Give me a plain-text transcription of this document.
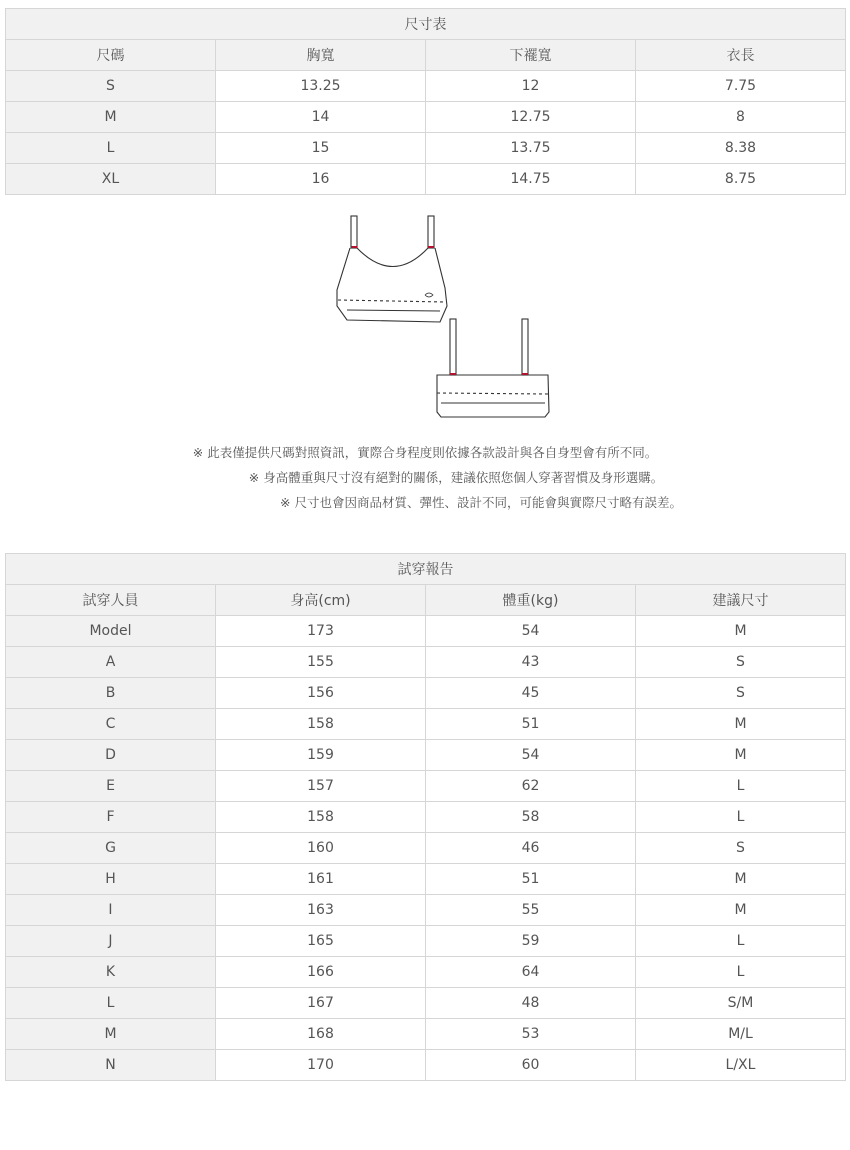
尺寸表			
尺碼	胸寬	下襬寬	衣長
S	13.25	12	7.75
M	14	12.75	8
L	15	13.75	8.38
XL	16	14.75	8.75
※ 此表僅提供尺碼對照資訊，實際合身程度則依據各款設計與各自身型會有所不同。
※ 身高體重與尺寸沒有絕對的關係，建議依照您個人穿著習慣及身形選購。
※ 尺寸也會因商品材質、彈性、設計不同，可能會與實際尺寸略有誤差。
試穿報告			
試穿人員	身高(cm)	體重(kg)	建議尺寸
Model	173	54	M
A	155	43	S
B	156	45	S
C	158	51	M
D	159	54	M
E	157	62	L
F	158	58	L
G	160	46	S
H	161	51	M
I	163	55	M
J	165	59	L
K	166	64	L
L	167	48	S/M
M	168	53	M/L
N	170	60	L/XL
